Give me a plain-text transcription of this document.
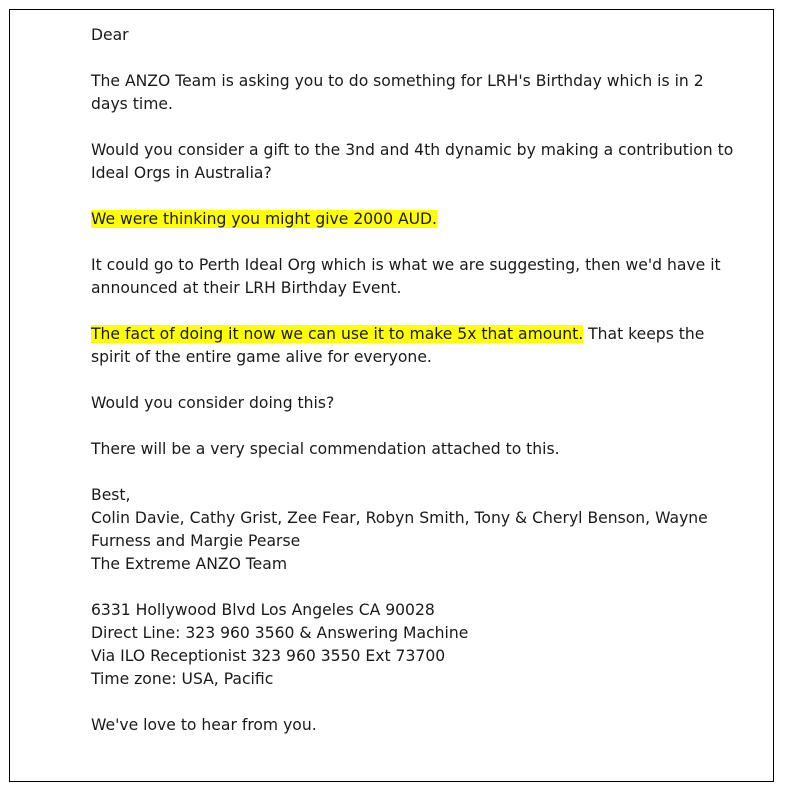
Dear
The ANZO Team is asking you to do something for LRH's Birthday which is in 2
days time.
Would you consider a gift to the 3nd and 4th dynamic by making a contribution to
Ideal Orgs in Australia?
We were thinking you might give 2000 AUD.
It could go to Perth Ideal Org which is what we are suggesting, then we'd have it
announced at their LRH Birthday Event.
The fact of doing it now we can use it to make 5x that amount. That keeps the
spirit of the entire game alive for everyone.
Would you consider doing this?
There will be a very special commendation attached to this.
Best,
Colin Davie, Cathy Grist, Zee Fear, Robyn Smith, Tony & Cheryl Benson, Wayne
Furness and Margie Pearse
The Extreme ANZO Team
6331 Hollywood Blvd Los Angeles CA 90028
Direct Line: 323 960 3560 & Answering Machine
Via ILO Receptionist 323 960 3550 Ext 73700
Time zone: USA, Pacific
We've love to hear from you.
